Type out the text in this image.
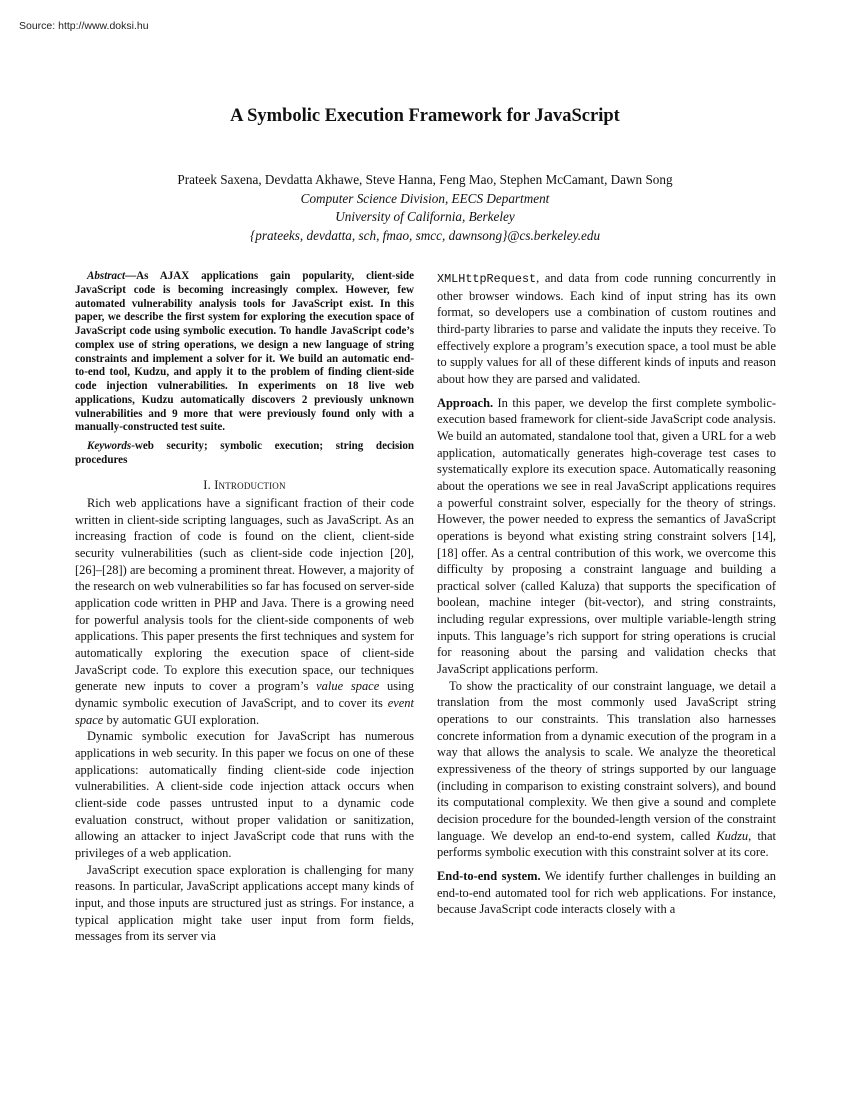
Source: http://www.doksi.hu
A Symbolic Execution Framework for JavaScript
Prateek Saxena, Devdatta Akhawe, Steve Hanna, Feng Mao, Stephen McCamant, Dawn Song
Computer Science Division, EECS Department
University of California, Berkeley
{prateeks, devdatta, sch, fmao, smcc, dawnsong}@cs.berkeley.edu

Abstract—As AJAX applications gain popularity, client-side JavaScript code is becoming increasingly complex. However, few automated vulnerability analysis tools for JavaScript exist. In this paper, we describe the first system for exploring the execution space of JavaScript code using symbolic execution. To handle JavaScript code’s complex use of string operations, we design a new language of string constraints and implement a solver for it. We build an automatic end-to-end tool, Kudzu, and apply it to the problem of finding client-side code injection vulnerabilities. In experiments on 18 live web applications, Kudzu automatically discovers 2 previously unknown vulnerabilities and 9 more that were previously found only with a manually-constructed test suite.

Keywords-web security; symbolic execution; string decision procedures

I. Introduction

Rich web applications have a significant fraction of their code written in client-side scripting languages, such as JavaScript. As an increasing fraction of code is found on the client, client-side security vulnerabilities (such as client-side code injection [20], [26]–[28]) are becoming a prominent threat. However, a majority of the research on web vulnerabilities so far has focused on server-side application code written in PHP and Java. There is a growing need for powerful analysis tools for the client-side components of web applications. This paper presents the first techniques and system for automatically exploring the execution space of client-side JavaScript code. To explore this execution space, our techniques generate new inputs to cover a program’s value space using dynamic symbolic execution of JavaScript, and to cover its event space by automatic GUI exploration.

Dynamic symbolic execution for JavaScript has numerous applications in web security. In this paper we focus on one of these applications: automatically finding client-side code injection vulnerabilities. A client-side code injection attack occurs when client-side code passes untrusted input to a dynamic code evaluation construct, without proper validation or sanitization, allowing an attacker to inject JavaScript code that runs with the privileges of a web application.

JavaScript execution space exploration is challenging for many reasons. In particular, JavaScript applications accept many kinds of input, and those inputs are structured just as strings. For instance, a typical application might take user input from form fields, messages from its server via

XMLHttpRequest, and data from code running concurrently in other browser windows. Each kind of input string has its own format, so developers use a combination of custom routines and third-party libraries to parse and validate the inputs they receive. To effectively explore a program’s execution space, a tool must be able to supply values for all of these different kinds of inputs and reason about how they are parsed and validated.

Approach. In this paper, we develop the first complete symbolic-execution based framework for client-side JavaScript code analysis. We build an automated, standalone tool that, given a URL for a web application, automatically generates high-coverage test cases to systematically explore its execution space. Automatically reasoning about the operations we see in real JavaScript applications requires a powerful constraint solver, especially for the theory of strings. However, the power needed to express the semantics of JavaScript operations is beyond what existing string constraint solvers [14], [18] offer. As a central contribution of this work, we overcome this difficulty by proposing a constraint language and building a practical solver (called Kaluza) that supports the specification of boolean, machine integer (bit-vector), and string constraints, including regular expressions, over multiple variable-length string inputs. This language’s rich support for string operations is crucial for reasoning about the parsing and validation checks that JavaScript applications perform.

To show the practicality of our constraint language, we detail a translation from the most commonly used JavaScript string operations to our constraints. This translation also harnesses concrete information from a dynamic execution of the program in a way that allows the analysis to scale. We analyze the theoretical expressiveness of the theory of strings supported by our language (including in comparison to existing constraint solvers), and bound its computational complexity. We then give a sound and complete decision procedure for the bounded-length version of the constraint language. We develop an end-to-end system, called Kudzu, that performs symbolic execution with this constraint solver at its core.

End-to-end system. We identify further challenges in building an end-to-end automated tool for rich web applications. For instance, because JavaScript code interacts closely with a
